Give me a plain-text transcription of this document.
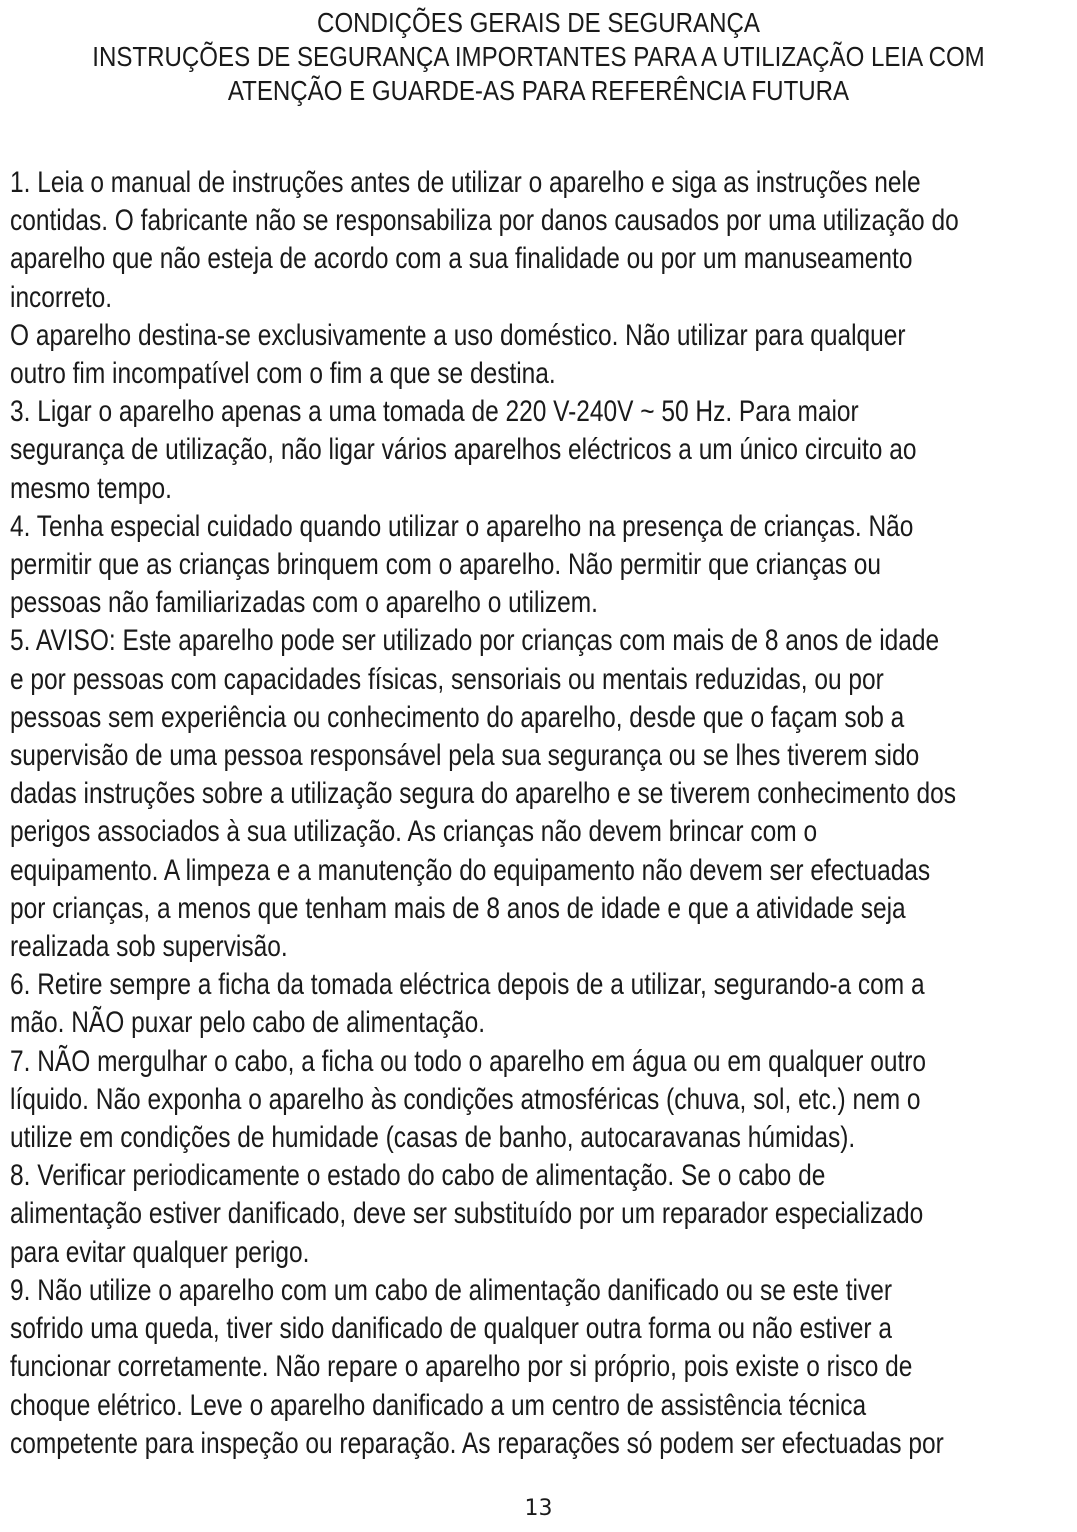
CONDIÇÕES GERAIS DE SEGURANÇA
INSTRUÇÕES DE SEGURANÇA IMPORTANTES PARA A UTILIZAÇÃO LEIA COM
ATENÇÃO E GUARDE-AS PARA REFERÊNCIA FUTURA
1. Leia o manual de instruções antes de utilizar o aparelho e siga as instruções nele
contidas. O fabricante não se responsabiliza por danos causados por uma utilização do
aparelho que não esteja de acordo com a sua finalidade ou por um manuseamento
incorreto.
O aparelho destina-se exclusivamente a uso doméstico. Não utilizar para qualquer
outro fim incompatível com o fim a que se destina.
3. Ligar o aparelho apenas a uma tomada de 220 V-240V ~ 50 Hz. Para maior
segurança de utilização, não ligar vários aparelhos eléctricos a um único circuito ao
mesmo tempo.
4. Tenha especial cuidado quando utilizar o aparelho na presença de crianças. Não
permitir que as crianças brinquem com o aparelho. Não permitir que crianças ou
pessoas não familiarizadas com o aparelho o utilizem.
5. AVISO: Este aparelho pode ser utilizado por crianças com mais de 8 anos de idade
e por pessoas com capacidades físicas, sensoriais ou mentais reduzidas, ou por
pessoas sem experiência ou conhecimento do aparelho, desde que o façam sob a
supervisão de uma pessoa responsável pela sua segurança ou se lhes tiverem sido
dadas instruções sobre a utilização segura do aparelho e se tiverem conhecimento dos
perigos associados à sua utilização. As crianças não devem brincar com o
equipamento. A limpeza e a manutenção do equipamento não devem ser efectuadas
por crianças, a menos que tenham mais de 8 anos de idade e que a atividade seja
realizada sob supervisão.
6. Retire sempre a ficha da tomada eléctrica depois de a utilizar, segurando-a com a
mão. NÃO puxar pelo cabo de alimentação.
7. NÃO mergulhar o cabo, a ficha ou todo o aparelho em água ou em qualquer outro
líquido. Não exponha o aparelho às condições atmosféricas (chuva, sol, etc.) nem o
utilize em condições de humidade (casas de banho, autocaravanas húmidas).
8. Verificar periodicamente o estado do cabo de alimentação. Se o cabo de
alimentação estiver danificado, deve ser substituído por um reparador especializado
para evitar qualquer perigo.
9. Não utilize o aparelho com um cabo de alimentação danificado ou se este tiver
sofrido uma queda, tiver sido danificado de qualquer outra forma ou não estiver a
funcionar corretamente. Não repare o aparelho por si próprio, pois existe o risco de
choque elétrico. Leve o aparelho danificado a um centro de assistência técnica
competente para inspeção ou reparação. As reparações só podem ser efectuadas por
13
